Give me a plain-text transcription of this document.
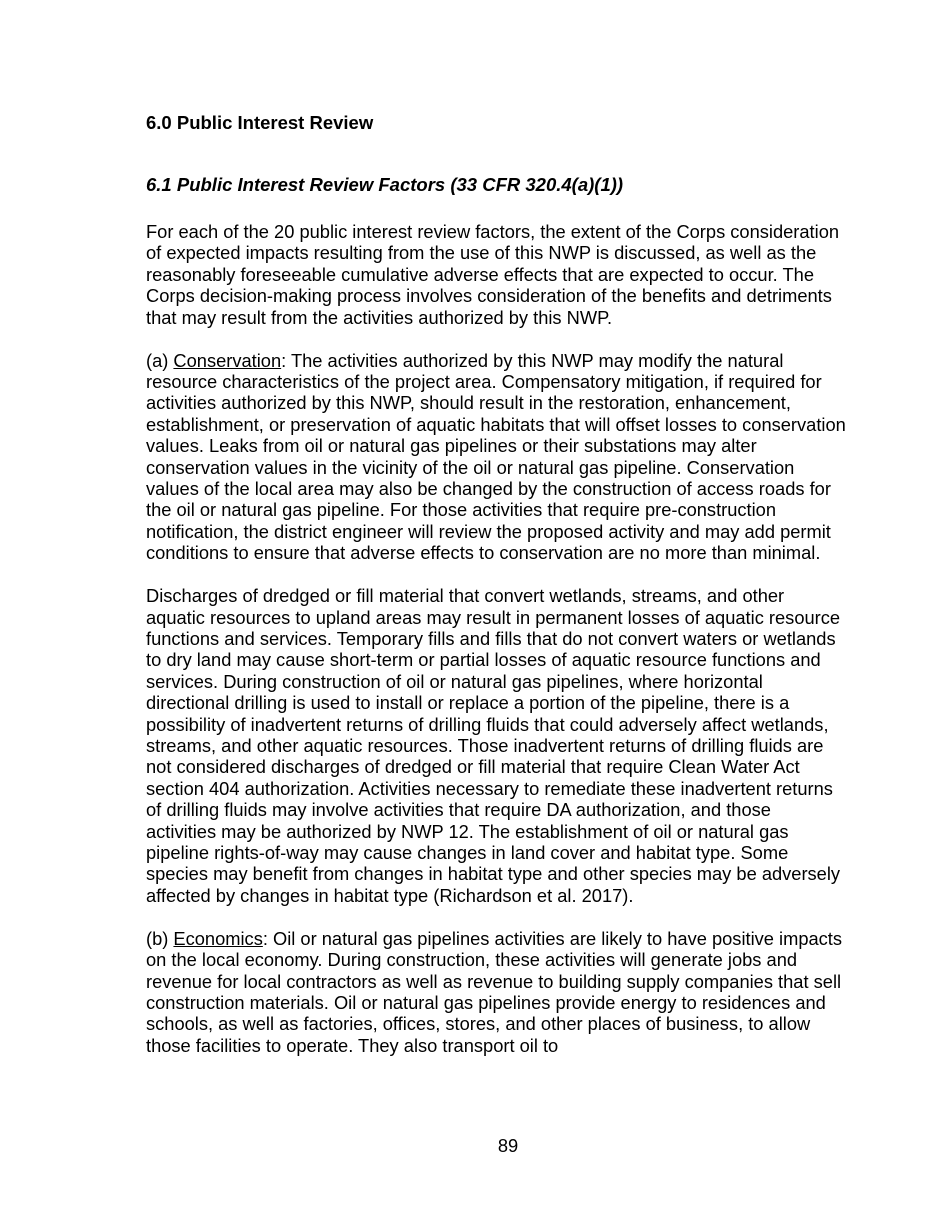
6.0 Public Interest Review
6.1 Public Interest Review Factors (33 CFR 320.4(a)(1))

For each of the 20 public interest review factors, the extent of the Corps consideration of expected impacts resulting from the use of this NWP is discussed, as well as the reasonably foreseeable cumulative adverse effects that are expected to occur. The Corps decision-making process involves consideration of the benefits and detriments that may result from the activities authorized by this NWP.

(a) Conservation: The activities authorized by this NWP may modify the natural resource characteristics of the project area. Compensatory mitigation, if required for activities authorized by this NWP, should result in the restoration, enhancement, establishment, or preservation of aquatic habitats that will offset losses to conservation values. Leaks from oil or natural gas pipelines or their substations may alter conservation values in the vicinity of the oil or natural gas pipeline. Conservation values of the local area may also be changed by the construction of access roads for the oil or natural gas pipeline. For those activities that require pre-construction notification, the district engineer will review the proposed activity and may add permit conditions to ensure that adverse effects to conservation are no more than minimal.

Discharges of dredged or fill material that convert wetlands, streams, and other aquatic resources to upland areas may result in permanent losses of aquatic resource functions and services. Temporary fills and fills that do not convert waters or wetlands to dry land may cause short-term or partial losses of aquatic resource functions and services. During construction of oil or natural gas pipelines, where horizontal directional drilling is used to install or replace a portion of the pipeline, there is a possibility of inadvertent returns of drilling fluids that could adversely affect wetlands, streams, and other aquatic resources. Those inadvertent returns of drilling fluids are not considered discharges of dredged or fill material that require Clean Water Act section 404 authorization. Activities necessary to remediate these inadvertent returns of drilling fluids may involve activities that require DA authorization, and those activities may be authorized by NWP 12. The establishment of oil or natural gas pipeline rights-of-way may cause changes in land cover and habitat type. Some species may benefit from changes in habitat type and other species may be adversely affected by changes in habitat type (Richardson et al. 2017).

(b) Economics: Oil or natural gas pipelines activities are likely to have positive impacts on the local economy. During construction, these activities will generate jobs and revenue for local contractors as well as revenue to building supply companies that sell construction materials. Oil or natural gas pipelines provide energy to residences and schools, as well as factories, offices, stores, and other places of business, to allow those facilities to operate. They also transport oil to

89
